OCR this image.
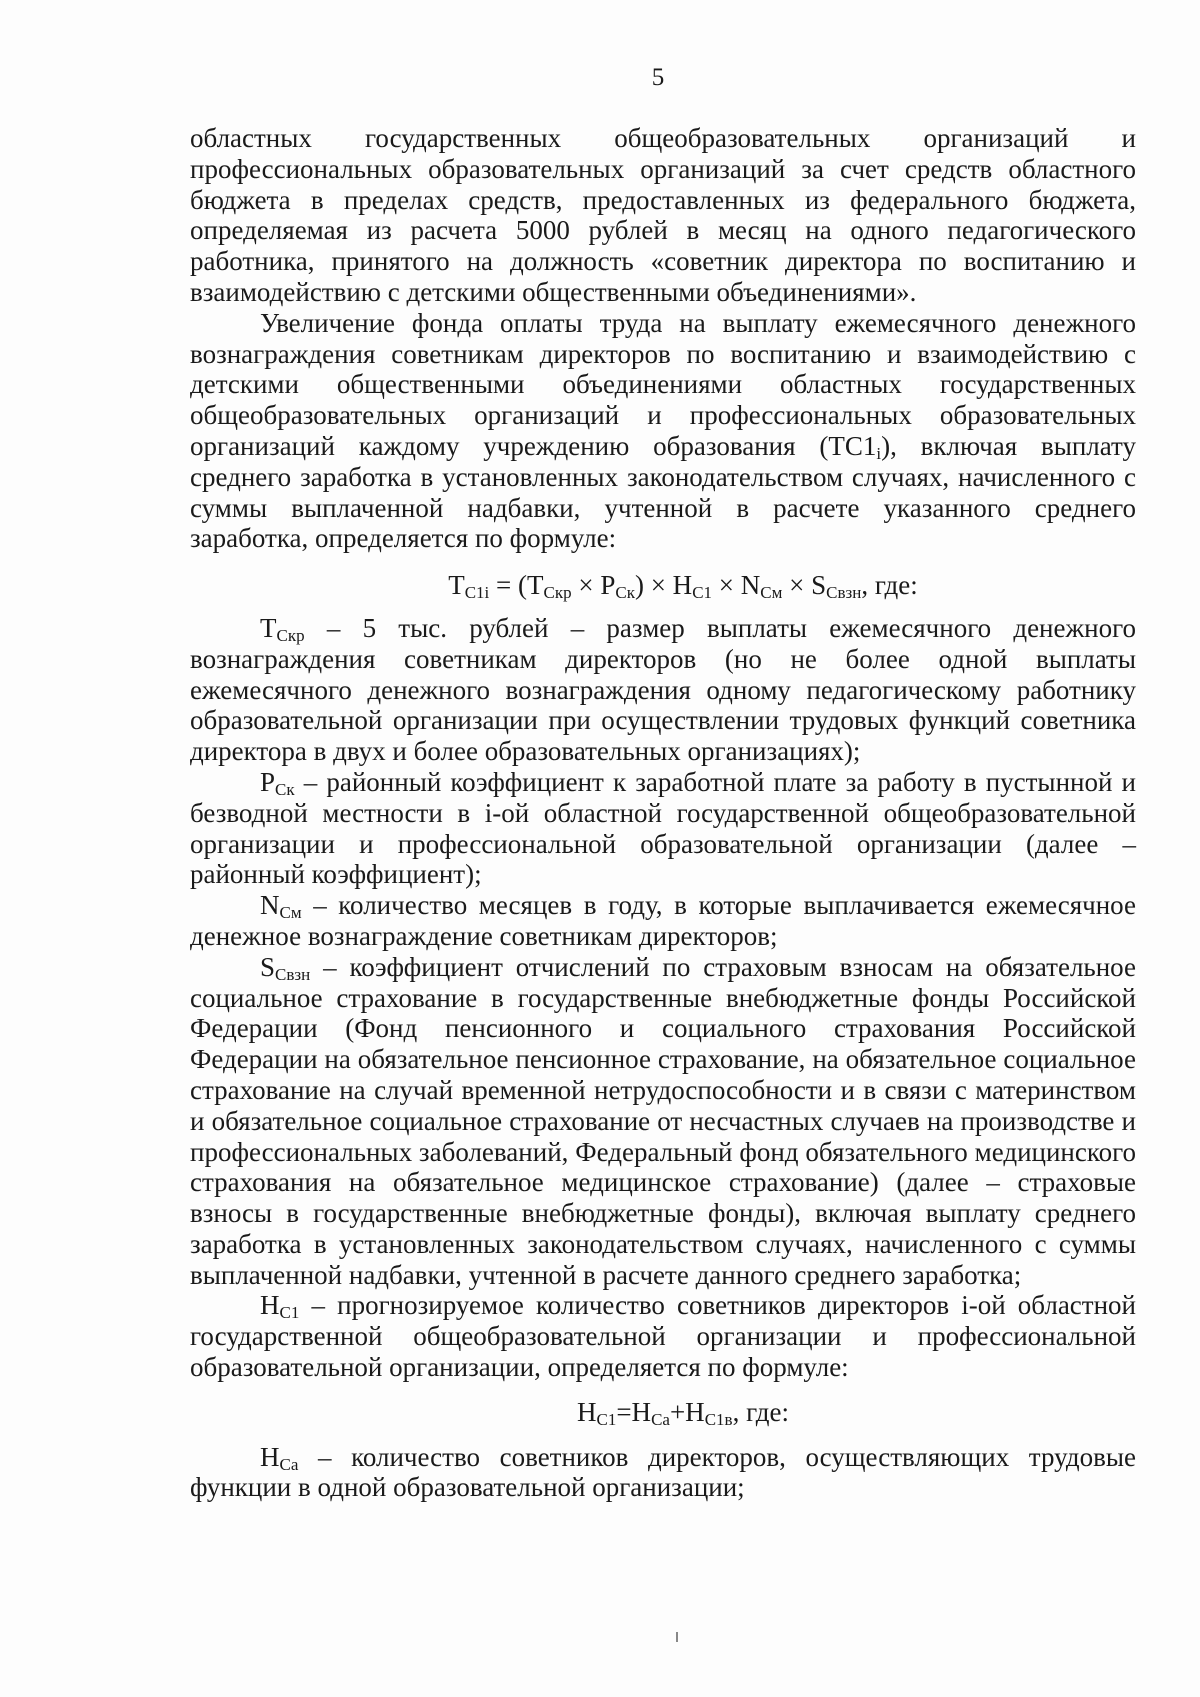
5

областных государственных общеобразовательных организаций и профессиональных образовательных организаций за счет средств областного бюджета в пределах средств, предоставленных из федерального бюджета, определяемая из расчета 5000 рублей в месяц на одного педагогического работника, принятого на должность «советник директора по воспитанию и взаимодействию с детскими общественными объединениями».

Увеличение фонда оплаты труда на выплату ежемесячного денежного вознаграждения советникам директоров по воспитанию и взаимодействию с детскими общественными объединениями областных государственных общеобразовательных организаций и профессиональных образовательных организаций каждому учреждению образования $(ТС1_i)$, включая выплату среднего заработка в установленных законодательством случаях, начисленного с суммы выплаченной надбавки, учтенной в расчете указанного среднего заработка, определяется по формуле:

$Т_{C1i} = (Т_{Скр} \times Р_{Ск}) \times Н_{С1} \times N_{См} \times S_{Свзн}$, где:

$Т_{Скр} - 5$ тыс. рублей – размер выплаты ежемесячного денежного вознаграждения советникам директоров (но не более одной выплаты ежемесячного денежного вознаграждения одному педагогическому работнику образовательной организации при осуществлении трудовых функций советника директора в двух и более образовательных организациях);

$Р_{Ск}$ – районный коэффициент к заработной плате за работу в пустынной и безводной местности в i-ой областной государственной общеобразовательной организации и профессиональной образовательной организации (далее – районный коэффициент);

$N_{См}$ – количество месяцев в году, в которые выплачивается ежемесячное денежное вознаграждение советникам директоров;

$S_{Свзн}$ – коэффициент отчислений по страховым взносам на обязательное социальное страхование в государственные внебюджетные фонды Российской Федерации (Фонд пенсионного и социального страхования Российской Федерации на обязательное пенсионное страхование, на обязательное социальное страхование на случай временной нетрудоспособности и в связи с материнством и обязательное социальное страхование от несчастных случаев на производстве и профессиональных заболеваний, Федеральный фонд обязательного медицинского страхования на обязательное медицинское страхование) (далее – страховые взносы в государственные внебюджетные фонды), включая выплату среднего заработка в установленных законодательством случаях, начисленного с суммы выплаченной надбавки, учтенной в расчете данного среднего заработка;

$Н_{С1}$ – прогнозируемое количество советников директоров i-ой областной государственной общеобразовательной организации и профессиональной образовательной организации, определяется по формуле:

$Н_{С1}=Н_{Са}+Н_{С1в}$, где:

$Н_{Са}$ – количество советников директоров, осуществляющих трудовые функции в одной образовательной организации;
